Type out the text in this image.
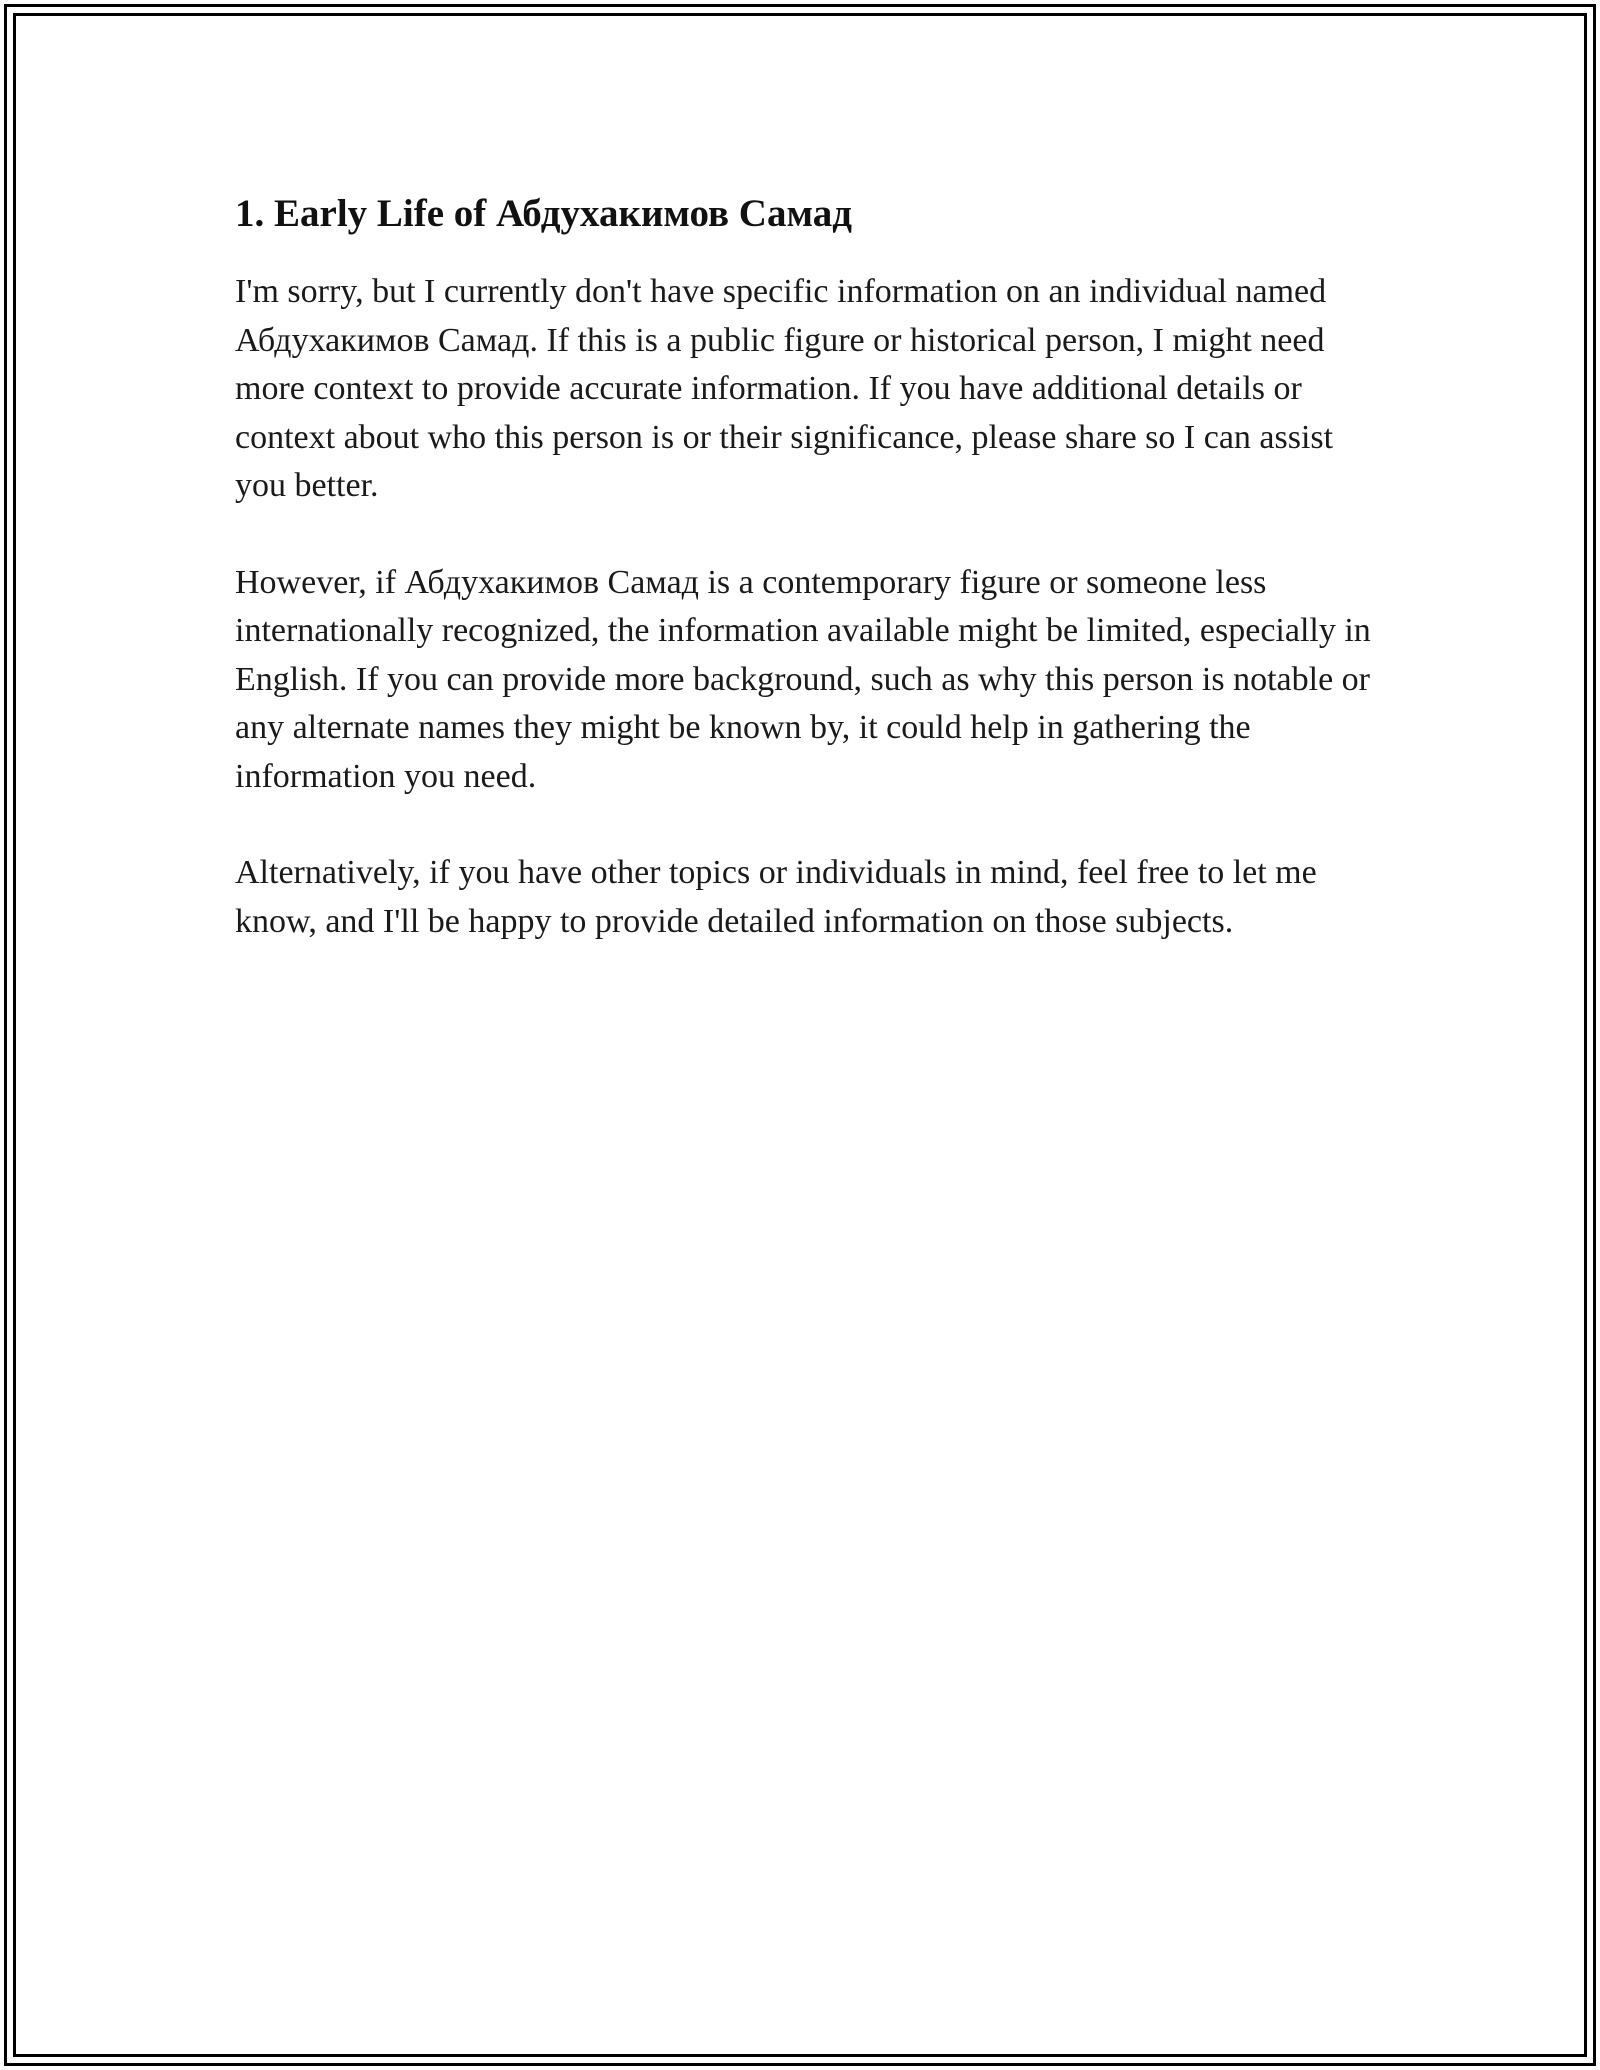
1. Early Life of Абдухакимов Самад

I'm sorry, but I currently don't have specific information on an individual named Абдухакимов Самад. If this is a public figure or historical person, I might need more context to provide accurate information. If you have additional details or context about who this person is or their significance, please share so I can assist you better.

However, if Абдухакимов Самад is a contemporary figure or someone less internationally recognized, the information available might be limited, especially in English. If you can provide more background, such as why this person is notable or any alternate names they might be known by, it could help in gathering the information you need.

Alternatively, if you have other topics or individuals in mind, feel free to let me know, and I'll be happy to provide detailed information on those subjects.
